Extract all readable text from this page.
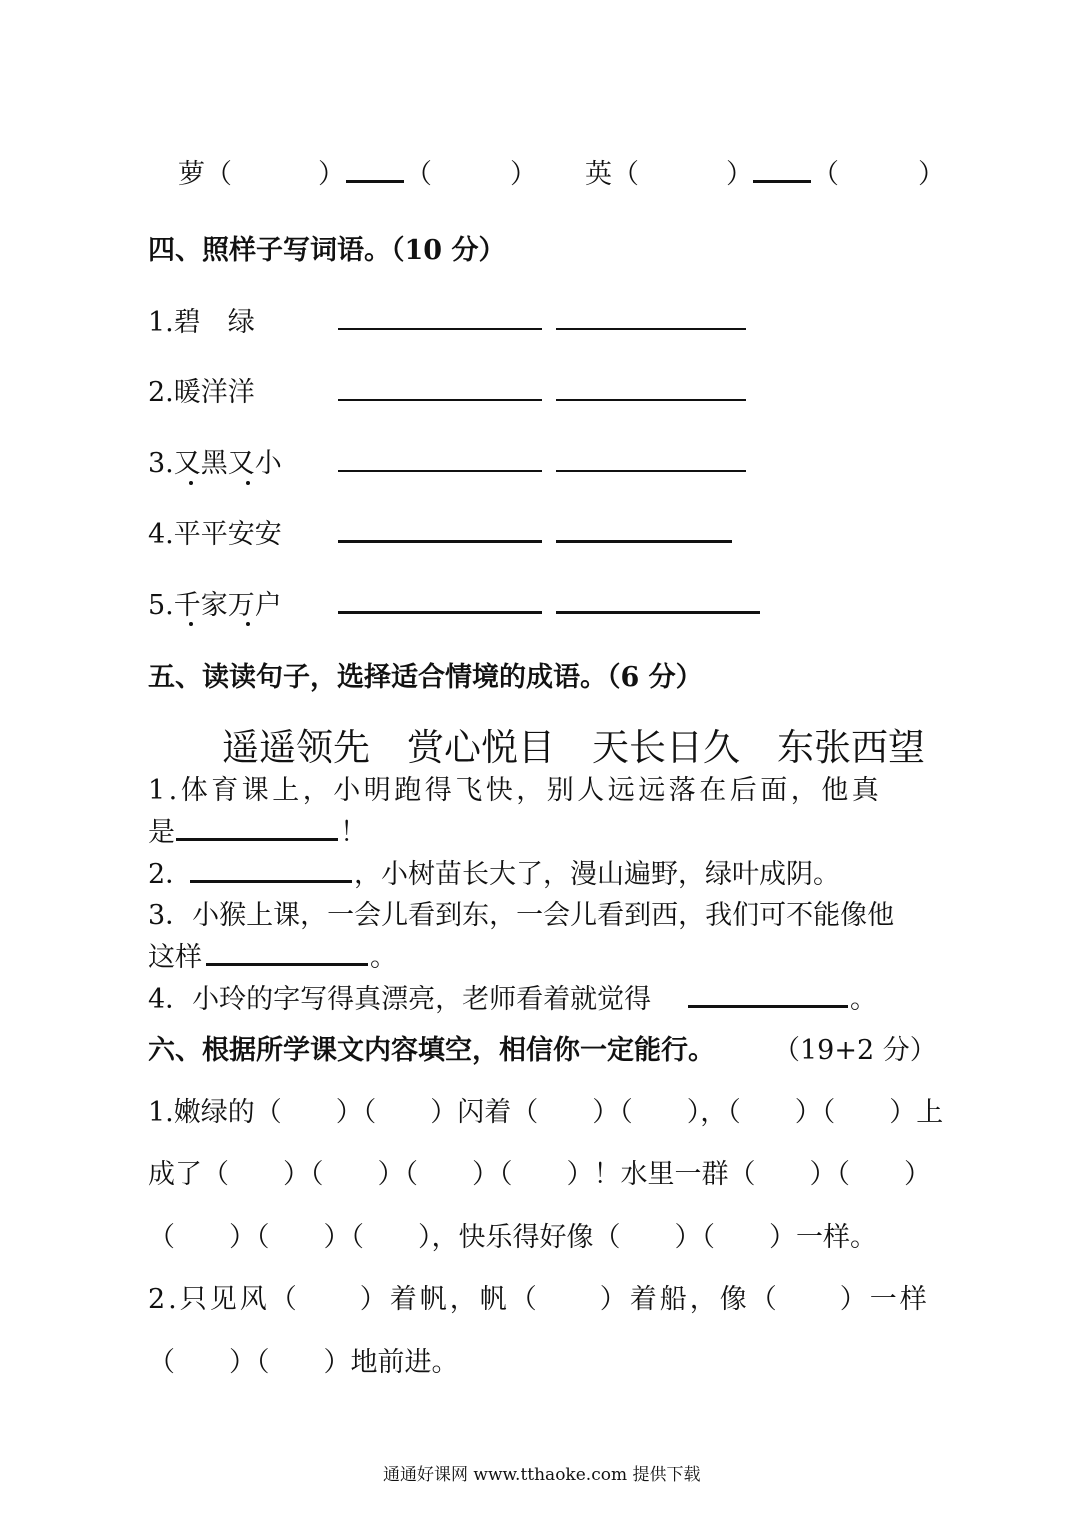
萝（	） （	） 英（	） （	）
四、照样子写词语。（10 分）
1.碧　绿
2.暖洋洋
3.又黑又小
4.平平安安
5.千家万户
五、读读句子，选择适合情境的成语。（6 分）
遥遥领先　赏心悦目　天长日久　东张西望
1.体育课上，小明跑得飞快，别人远远落在后面，他真
是	！
2．	，小树苗长大了，漫山遍野，绿叶成阴。
3．小猴上课，一会儿看到东，一会儿看到西，我们可不能像他
这样	。
4．小玲的字写得真漂亮，老师看着就觉得	。
六、根据所学课文内容填空，相信你一定能行。 （19+2 分）
1.嫩绿的（　　）（　　）闪着（　　）（　　），（　　）（　　）上
成了（　　）（　　）（　　）（　　）！水里一群（　　）（　　）
（　　）（　　）（　　），快乐得好像（　　）（　　）一样。
2.只见风（　　）着帆，帆（　　）着船，像（　　）一样
（　　）（　　）地前进。
通通好课网 www.tthaoke.com 提供下载
